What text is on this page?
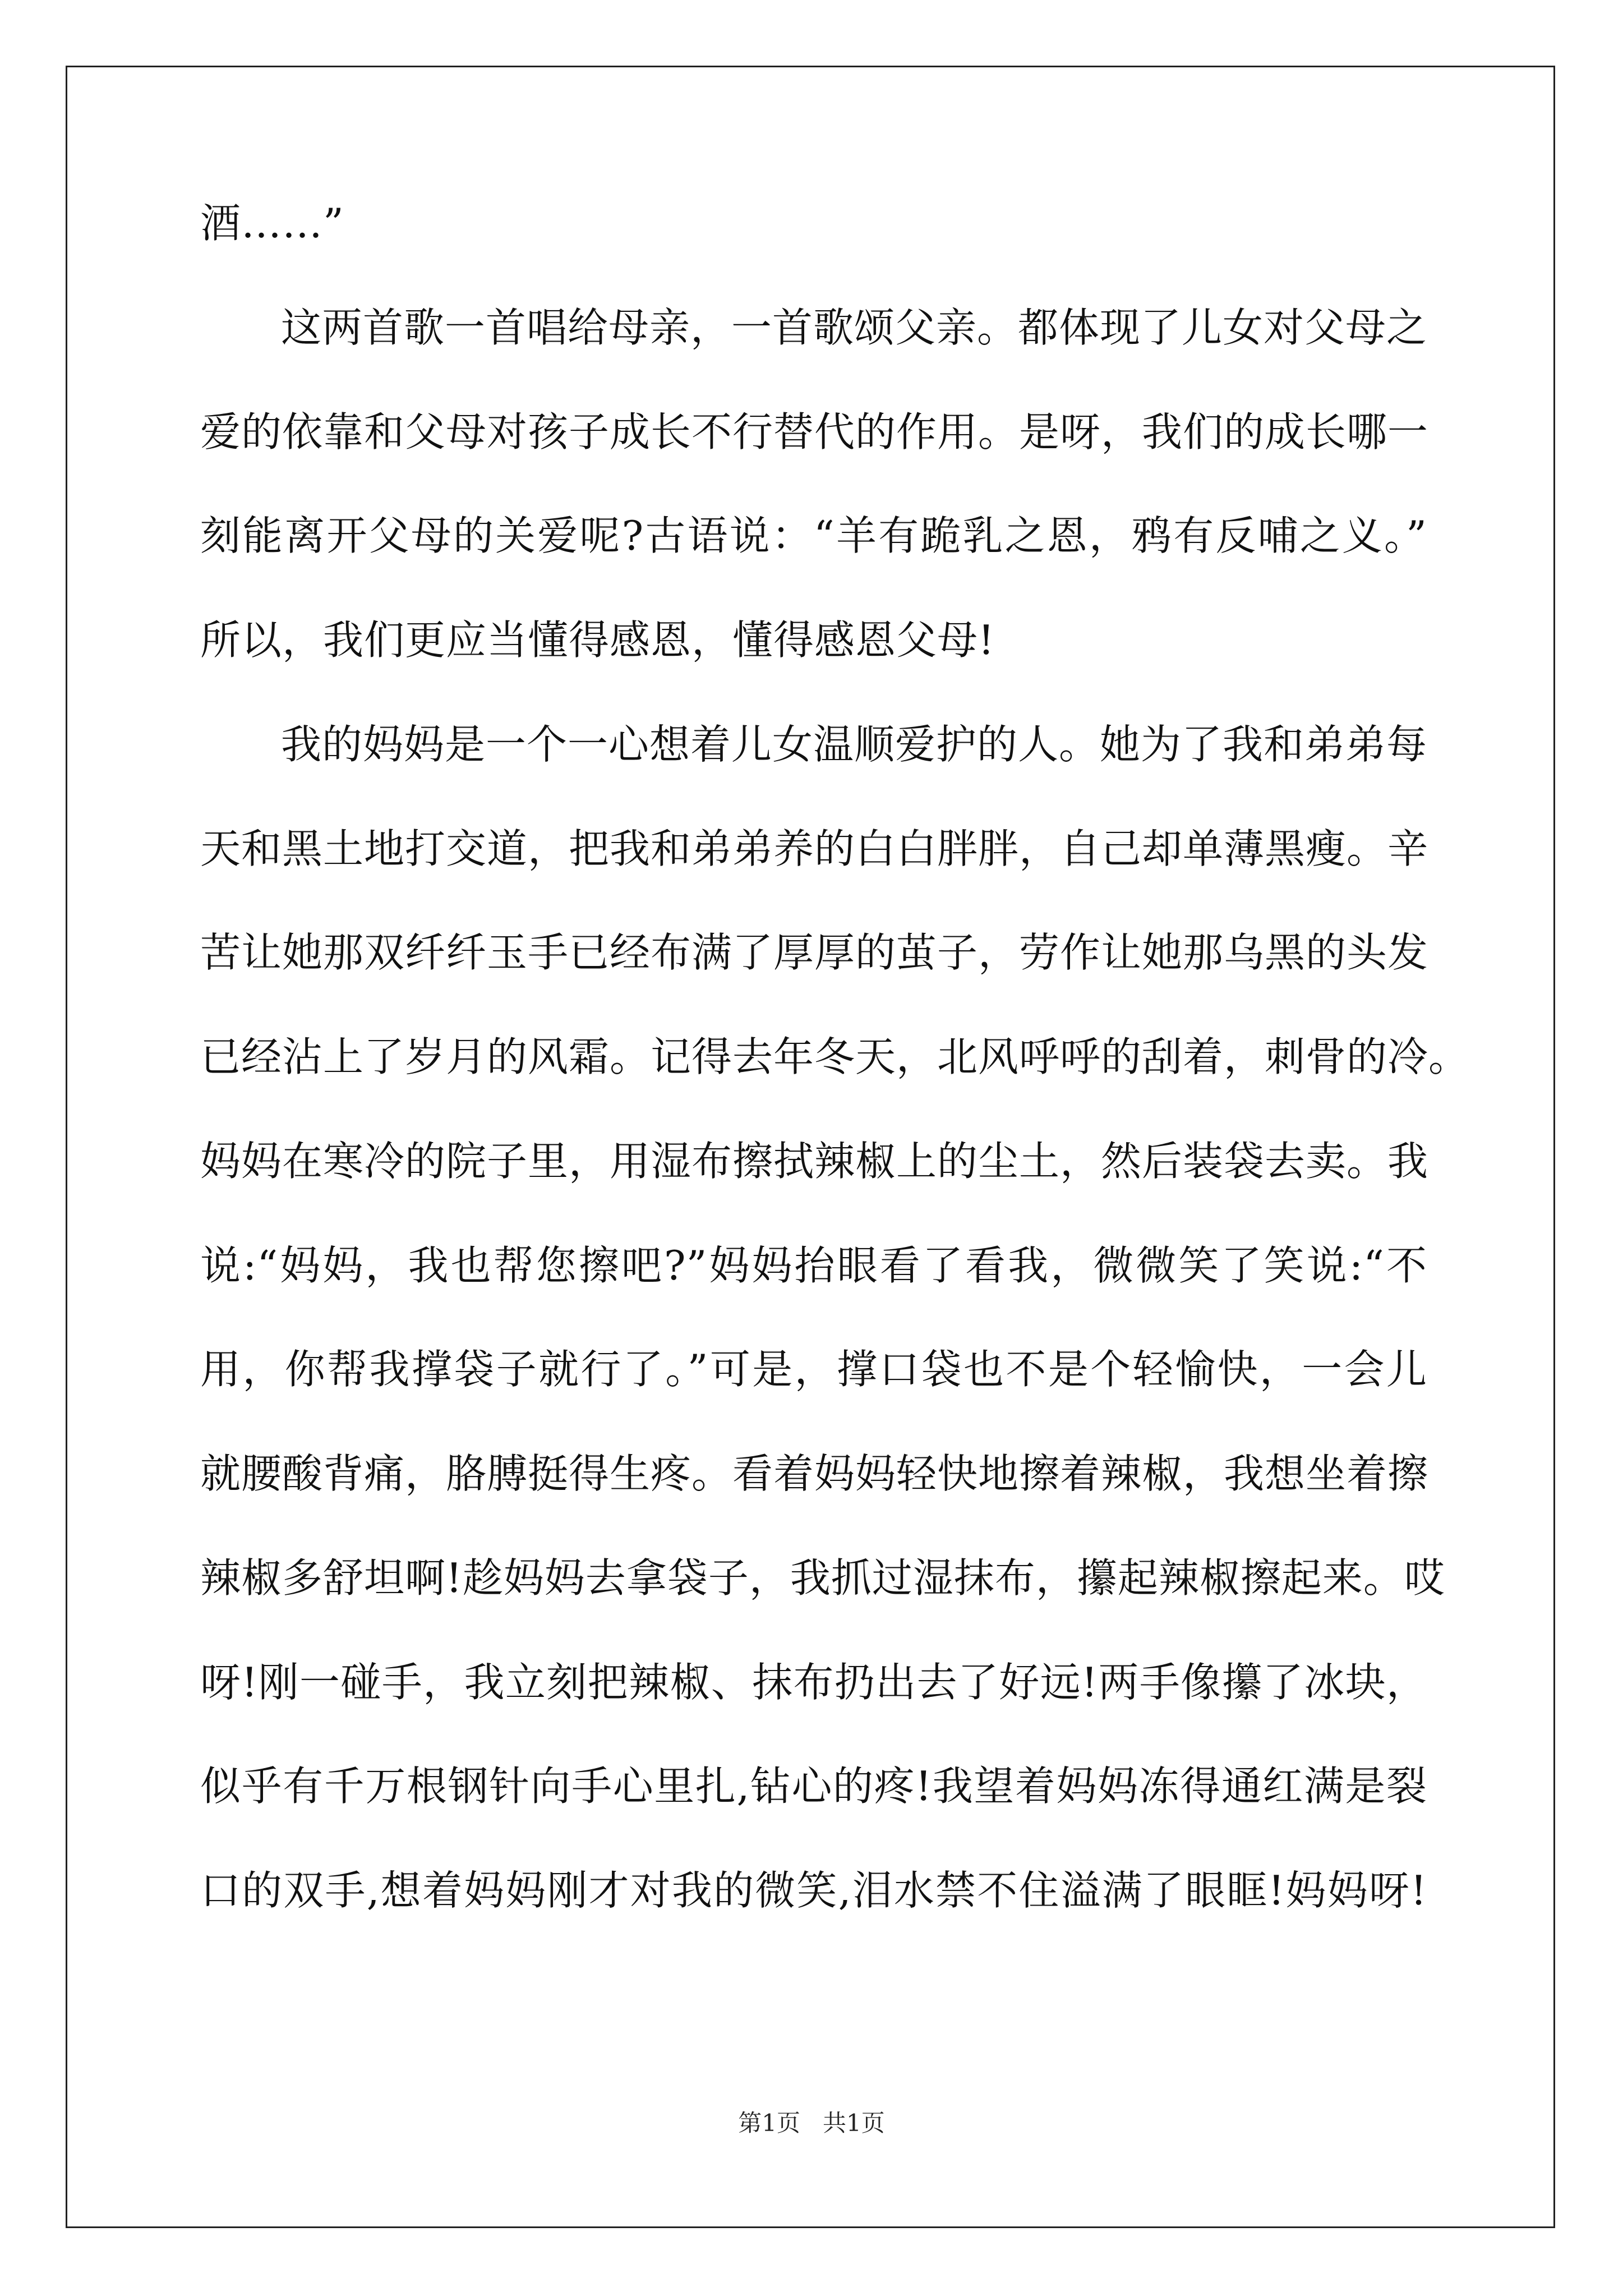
酒……”
这两首歌一首唱给母亲，一首歌颂父亲。都体现了儿女对父母之
爱的依靠和父母对孩子成长不行替代的作用。是呀，我们的成长哪一
刻能离开父母的关爱呢?古语说：“羊有跪乳之恩，鸦有反哺之义。”
所以，我们更应当懂得感恩，懂得感恩父母!
我的妈妈是一个一心想着儿女温顺爱护的人。她为了我和弟弟每
天和黑土地打交道，把我和弟弟养的白白胖胖，自己却单薄黑瘦。辛
苦让她那双纤纤玉手已经布满了厚厚的茧子，劳作让她那乌黑的头发
已经沾上了岁月的风霜。记得去年冬天，北风呼呼的刮着，刺骨的冷。
妈妈在寒冷的院子里，用湿布擦拭辣椒上的尘土，然后装袋去卖。我
说:“妈妈，我也帮您擦吧?”妈妈抬眼看了看我，微微笑了笑说:“不
用，你帮我撑袋子就行了。”可是，撑口袋也不是个轻愉快，一会儿
就腰酸背痛，胳膊挺得生疼。看着妈妈轻快地擦着辣椒，我想坐着擦
辣椒多舒坦啊!趁妈妈去拿袋子，我抓过湿抹布，攥起辣椒擦起来。哎
呀!刚一碰手，我立刻把辣椒、抹布扔出去了好远!两手像攥了冰块，
似乎有千万根钢针向手心里扎,钻心的疼!我望着妈妈冻得通红满是裂
口的双手,想着妈妈刚才对我的微笑,泪水禁不住溢满了眼眶!妈妈呀!
第1页 共1页
